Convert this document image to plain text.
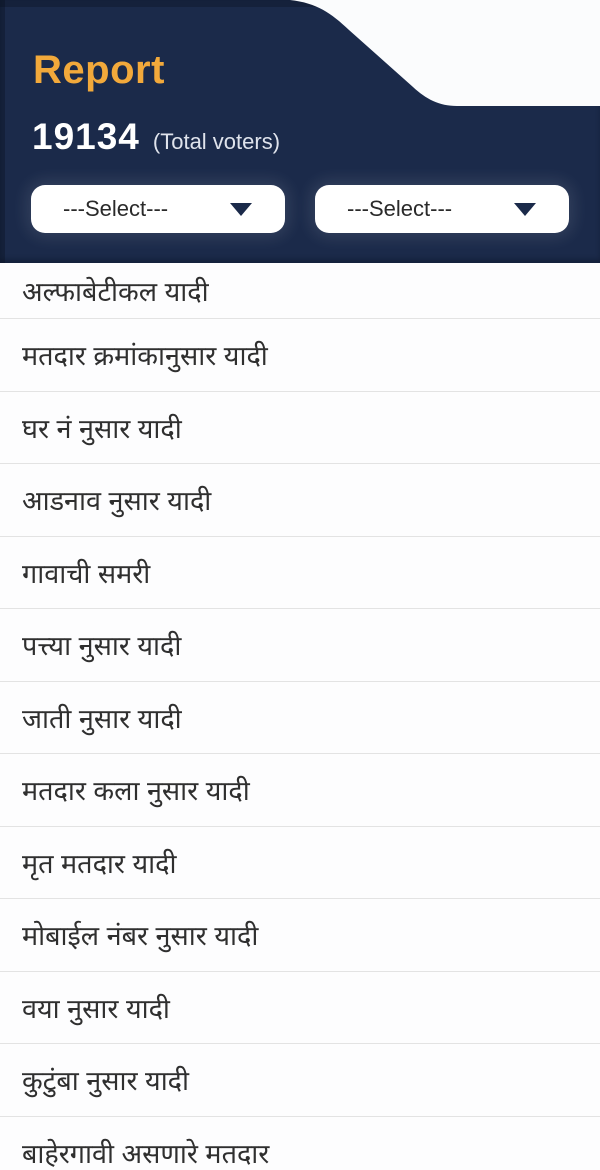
Report
19134 (Total voters)
---Select---	---Select---
अल्फाबेटीकल यादी
मतदार क्रमांकानुसार यादी
घर नं नुसार यादी
आडनाव नुसार यादी
गावाची समरी
पत्त्या नुसार यादी
जाती नुसार यादी
मतदार कला नुसार यादी
मृत मतदार यादी
मोबाईल नंबर नुसार यादी
वया नुसार यादी
कुटुंबा नुसार यादी
बाहेरगावी असणारे मतदार
